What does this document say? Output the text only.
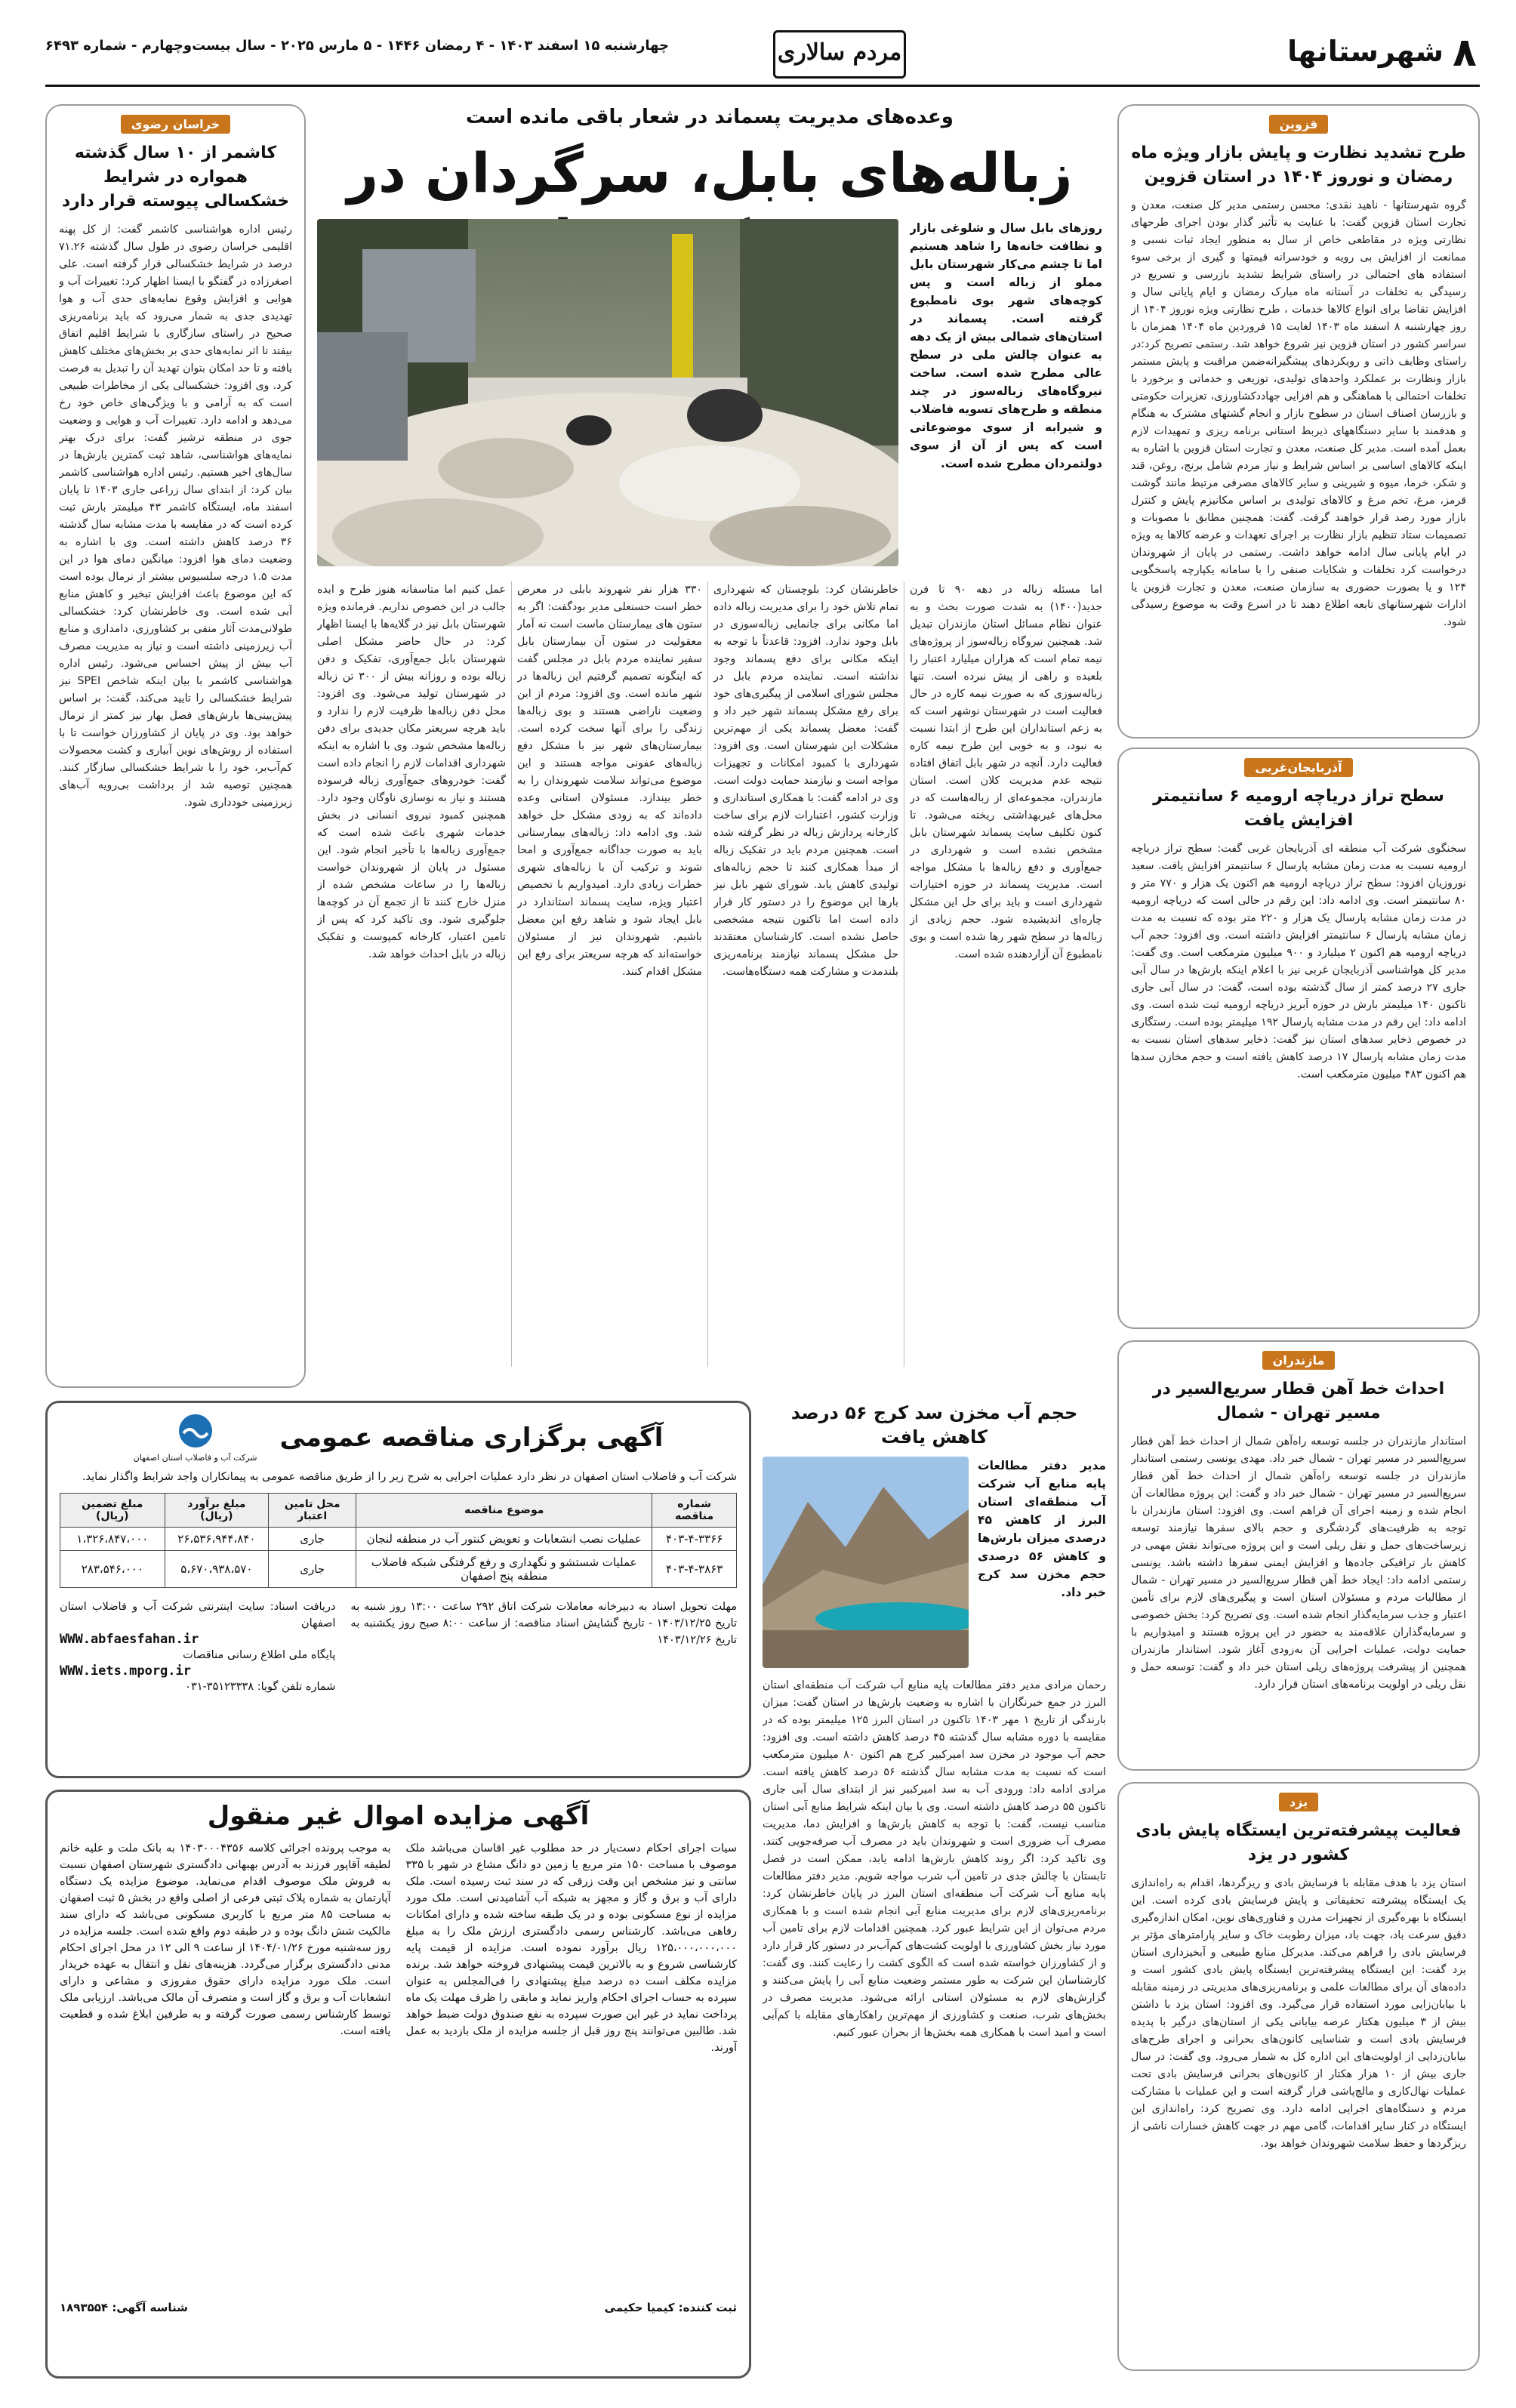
۸
شهرستانها
مردم سالاری
چهارشنبه ۱۵ اسفند ۱۴۰۳ - ۴ رمضان ۱۴۴۶ - ۵ مارس ۲۰۲۵ - سال بیست‌وچهارم - شماره ۶۴۹۳
قزوین
طرح تشدید نظارت و پایش بازار ویژه ماه رمضان و نوروز ۱۴۰۴ در استان قزوین
گروه شهرستانها - ناهید نقدی: محسن رستمی مدیر کل صنعت، معدن و تجارت استان قزوین گفت: با عنایت به تأثیر گذار بودن اجرای طرحهای نظارتی ویژه در مقاطعی خاص از سال به منظور ایجاد ثبات نسبی و ممانعت از افزایش بی رویه و خودسرانه قیمتها و گیری از برخی سوء استفاده های احتمالی در راستای شرایط تشدید بازرسی و تسریع در رسیدگی به تخلفات در آستانه ماه مبارک رمضان و ایام پایانی سال و افزایش تقاضا برای انواع کالاها خدمات ، طرح نظارتی ویژه نوروز ۱۴۰۴ از روز چهارشنبه ۸ اسفند ماه ۱۴۰۳ لغایت ۱۵ فروردین ماه ۱۴۰۴ همزمان با سراسر کشور در استان قزوین نیز شروع خواهد شد. رستمی تصریح کرد:در راستای وظایف ذاتی و رویکردهای پیشگیرانه‌ضمن مراقبت و پایش مستمر بازار ونظارت بر عملکرد واحدهای تولیدی، توزیعی و خدماتی و برخورد با تخلفات احتمالی با هماهنگی و هم افزایی جهاددکشاورزی، تعزیرات حکومتی و بازرسان اصناف استان در سطوح بازار و انجام گشتهای مشترک به هنگام و هدفمند با سایر دستگاههای ذیربط استانی برنامه ریزی و تمهیدات لازم بعمل آمده است. مدیر کل صنعت، معدن و تجارت استان قزوین با اشاره به اینکه کالاهای اساسی بر اساس شرایط و نیاز مردم شامل برنج، روغن، قند و شکر، خرما، میوه و شیرینی و سایر کالاهای مصرفی مرتبط مانند گوشت قرمز، مرغ، تخم مرغ و کالاهای تولیدی بر اساس مکانیزم پایش و کنترل بازار مورد رصد قرار خواهند گرفت. گفت: همچنین مطابق با مصوبات و تصمیمات ستاد تنظیم بازار نظارت بر اجرای تعهدات و عرضه کالاها به ویژه در ایام پایانی سال ادامه خواهد داشت. رستمی در پایان از شهروندان درخواست کرد تخلفات و شکایات صنفی را با سامانه یکپارچه پاسخگویی ۱۲۴ و یا بصورت حضوری به سازمان صنعت، معدن و تجارت قزوین یا ادارات شهرستانهای تابعه اطلاع دهند تا در اسرع وقت به موضوع رسیدگی شود.
آذربایجان‌غربی
سطح تراز دریاچه ارومیه ۶ سانتیمتر افزایش یافت
سخنگوی شرکت آب منطقه ای آذربایجان غربی گفت: سطح تراز دریاچه ارومیه نسبت به مدت زمان مشابه پارسال ۶ سانتیمتر افزایش یافت. سعید نوروزیان افزود: سطح تراز دریاچه ارومیه هم اکنون یک هزار و ۷۷۰ متر و ۸۰ سانتیمتر است. وی ادامه داد: این رقم در حالی است که دریاچه ارومیه در مدت زمان مشابه پارسال یک هزار و ۲۲۰ متر بوده که نسبت به مدت زمان مشابه پارسال ۶ سانتیمتر افزایش داشته است. وی افزود: حجم آب دریاچه ارومیه هم اکنون ۲ میلیارد و ۹۰۰ میلیون مترمکعب است. وی گفت: مدیر کل هواشناسی آذربایجان غربی نیز با اعلام اینکه بارش‌ها در سال آبی جاری ۲۷ درصد کمتر از سال گذشته بوده است، گفت: در سال آبی جاری تاکنون ۱۴۰ میلیمتر بارش در حوزه آبریز دریاچه ارومیه ثبت شده است. وی ادامه داد: این رقم در مدت مشابه پارسال ۱۹۲ میلیمتر بوده است. رستگاری در خصوص ذخایر سدهای استان نیز گفت: ذخایر سدهای استان نسبت به مدت زمان مشابه پارسال ۱۷ درصد کاهش یافته است و حجم مخازن سدها هم اکنون ۴۸۳ میلیون مترمکعب است.
مازندران
احداث خط آهن قطار سریع‌السیر در مسیر تهران - شمال
استاندار مازندران در جلسه توسعه راه‌آهن شمال از احداث خط آهن قطار سریع‌السیر در مسیر تهران - شمال خبر داد. مهدی یونسی رستمی استاندار مازندران در جلسه توسعه راه‌آهن شمال از احداث خط آهن قطار سریع‌السیر در مسیر تهران - شمال خبر داد و گفت: این پروژه مطالعات آن انجام شده و زمینه اجرای آن فراهم است. وی افزود: استان مازندران با توجه به ظرفیت‌های گردشگری و حجم بالای سفرها نیازمند توسعه زیرساخت‌های حمل و نقل ریلی است و این پروژه می‌تواند نقش مهمی در کاهش بار ترافیکی جاده‌ها و افزایش ایمنی سفرها داشته باشد. یونسی رستمی ادامه داد: ایجاد خط آهن قطار سریع‌السیر در مسیر تهران - شمال از مطالبات مردم و مسئولان استان است و پیگیری‌های لازم برای تأمین اعتبار و جذب سرمایه‌گذار انجام شده است. وی تصریح کرد: بخش خصوصی و سرمایه‌گذاران علاقه‌مند به حضور در این پروژه هستند و امیدواریم با حمایت دولت، عملیات اجرایی آن به‌زودی آغاز شود. استاندار مازندران همچنین از پیشرفت پروژه‌های ریلی استان خبر داد و گفت: توسعه حمل و نقل ریلی در اولویت برنامه‌های استان قرار دارد.
یزد
فعالیت پیشرفته‌ترین ایستگاه پایش بادی کشور در یزد
استان یزد با هدف مقابله با فرسایش بادی و ریزگردها، اقدام به راه‌اندازی یک ایستگاه پیشرفته تحقیقاتی و پایش فرسایش بادی کرده است. این ایستگاه با بهره‌گیری از تجهیزات مدرن و فناوری‌های نوین، امکان اندازه‌گیری دقیق سرعت باد، جهت باد، میزان رطوبت خاک و سایر پارامترهای مؤثر بر فرسایش بادی را فراهم می‌کند. مدیرکل منابع طبیعی و آبخیزداری استان یزد گفت: این ایستگاه پیشرفته‌ترین ایستگاه پایش بادی کشور است و داده‌های آن برای مطالعات علمی و برنامه‌ریزی‌های مدیریتی در زمینه مقابله با بیابان‌زایی مورد استفاده قرار می‌گیرد. وی افزود: استان یزد با داشتن بیش از ۳ میلیون هکتار عرصه بیابانی یکی از استان‌های درگیر با پدیده فرسایش بادی است و شناسایی کانون‌های بحرانی و اجرای طرح‌های بیابان‌زدایی از اولویت‌های این اداره کل به شمار می‌رود. وی گفت: در سال جاری بیش از ۱۰ هزار هکتار از کانون‌های بحرانی فرسایش بادی تحت عملیات نهال‌کاری و مالچ‌پاشی قرار گرفته است و این عملیات با مشارکت مردم و دستگاه‌های اجرایی ادامه دارد. وی تصریح کرد: راه‌اندازی این ایستگاه در کنار سایر اقدامات، گامی مهم در جهت کاهش خسارات ناشی از ریزگردها و حفظ سلامت شهروندان خواهد بود.
وعده‌های مدیریت پسماند در شعار باقی مانده است
زباله‌های بابل، سرگردان در
روزهای بابل سال و شلوغی بازار و نظافت خانه‌ها را شاهد هستیم اما تا چشم می‌کار شهرستان بابل مملو از زباله است و پس کوچه‌های شهر بوی نامطبوع گرفته است. پسماند در استان‌های شمالی بیش از یک دهه به عنوان چالش ملی در سطح عالی مطرح شده است. ساخت نیروگاه‌های زباله‌سوز در چند منطقه و طرح‌های تسویه فاضلاب و شیرابه از سوی موضوعاتی است که پس از آن از سوی دولتمردان مطرح شده است.
اما مسئله زباله در دهه ۹۰ تا فرن جدید(۱۴۰۰) به شدت صورت بحث و به عنوان نظام مسائل استان مازندران تبدیل شد. همچنین نیروگاه زباله‌سوز از پروژه‌های نیمه تمام است که هزاران میلیارد اعتبار را بلعیده و راهی از پیش نبرده است. تنها زباله‌سوزی که به صورت نیمه کاره در حال فعالیت است در شهرستان نوشهر است که به زعم استانداران این طرح از ابتدا نسبت به نبود، و به خوبی این طرح نیمه کاره فعالیت دارد. آنچه در شهر بابل اتفاق افتاده نتیجه عدم مدیریت کلان است. استان مازندران، مجموعه‌ای از زباله‌هاست که در محل‌های غیربهداشتی ریخته می‌شود. تا کنون تکلیف سایت پسماند شهرستان بابل مشخص نشده است و شهرداری در جمع‌آوری و دفع زباله‌ها با مشکل مواجه است. مدیریت پسماند در حوزه اختیارات شهرداری است و باید برای حل این مشکل چاره‌ای اندیشیده شود. حجم زیادی از زباله‌ها در سطح شهر رها شده است و بوی نامطبوع آن آزاردهنده شده است.
خاطرنشان کرد: بلوچستان که شهرداری تمام تلاش خود را برای مدیریت زباله داده اما مکانی برای جانمایی زباله‌سوزی در بابل وجود ندارد. افزود: قاعدتاً با توجه به اینکه مکانی برای دفع پسماند وجود نداشته است. نماینده مردم بابل در مجلس شورای اسلامی از پیگیری‌های خود برای رفع مشکل پسماند شهر خبر داد و گفت: معضل پسماند یکی از مهم‌ترین مشکلات این شهرستان است. وی افزود: شهرداری با کمبود امکانات و تجهیزات مواجه است و نیازمند حمایت دولت است. وی در ادامه گفت: با همکاری استانداری و وزارت کشور، اعتبارات لازم برای ساخت کارخانه پردازش زباله در نظر گرفته شده است. همچنین مردم باید در تفکیک زباله از مبدأ همکاری کنند تا حجم زباله‌های تولیدی کاهش یابد. شورای شهر بابل نیز بارها این موضوع را در دستور کار قرار داده است اما تاکنون نتیجه مشخصی حاصل نشده است. کارشناسان معتقدند حل مشکل پسماند نیازمند برنامه‌ریزی بلندمدت و مشارکت همه دستگاه‌هاست.
۳۳۰ هزار نفر شهروند بابلی در معرض خطر است حسنعلی مدیر بودگفت: اگر به ستون های بیمارستان ماست است نه آمار معقولیت در ستون آن بیمارستان بابل سفیر نماینده مردم بابل در مجلس گفت که اینگونه تصمیم گرفتیم این زباله‌ها در شهر مانده است. وی افزود: مردم از این وضعیت ناراضی هستند و بوی زباله‌ها زندگی را برای آنها سخت کرده است. بیمارستان‌های شهر نیز با مشکل دفع زباله‌های عفونی مواجه هستند و این موضوع می‌تواند سلامت شهروندان را به خطر بیندازد. مسئولان استانی وعده داده‌اند که به زودی مشکل حل خواهد شد. وی ادامه داد: زباله‌های بیمارستانی باید به صورت جداگانه جمع‌آوری و امحا شوند و ترکیب آن با زباله‌های شهری خطرات زیادی دارد. امیدواریم با تخصیص اعتبار ویژه، سایت پسماند استاندارد در بابل ایجاد شود و شاهد رفع این معضل باشیم. شهروندان نیز از مسئولان خواسته‌اند که هرچه سریعتر برای رفع این مشکل اقدام کنند.
عمل کنیم اما متاسفانه هنوز طرح و ایده جالب در این خصوص نداریم. فرمانده ویژه شهرستان بابل نیز در گلایه‌ها با ایسنا اظهار کرد: در حال حاضر مشکل اصلی شهرستان بابل جمع‌آوری، تفکیک و دفن زباله بوده و روزانه بیش از ۳۰۰ تن زباله در شهرستان تولید می‌شود. وی افزود: محل دفن زباله‌ها ظرفیت لازم را ندارد و باید هرچه سریعتر مکان جدیدی برای دفن زباله‌ها مشخص شود. وی با اشاره به اینکه شهرداری اقدامات لازم را انجام داده است گفت: خودروهای جمع‌آوری زباله فرسوده هستند و نیاز به نوسازی ناوگان وجود دارد. همچنین کمبود نیروی انسانی در بخش خدمات شهری باعث شده است که جمع‌آوری زباله‌ها با تأخیر انجام شود. این مسئول در پایان از شهروندان خواست زباله‌ها را در ساعات مشخص شده از منزل خارج کنند تا از تجمع آن در کوچه‌ها جلوگیری شود. وی تاکید کرد که پس از تامین اعتبار، کارخانه کمپوست و تفکیک زباله در بابل احداث خواهد شد.
خراسان رضوی
کاشمر از ۱۰ سال گذشته همواره در شرایط خشکسالی پیوسته قرار دارد
رئیس اداره هواشناسی کاشمر گفت: از کل پهنه اقلیمی خراسان رضوی در طول سال گذشته ۷۱.۲۶ درصد در شرایط خشکسالی قرار گرفته است. علی اصغرزاده در گفتگو با ایسنا اظهار کرد: تغییرات آب و هوایی و افزایش وقوع نمایه‌های حدی آب و هوا تهدیدی جدی به شمار می‌رود که باید برنامه‌ریزی صحیح در راستای سازگاری با شرایط اقلیم اتفاق بیفتد تا اثر نمایه‌های حدی بر بخش‌های مختلف کاهش یافته و تا حد امکان بتوان تهدید آن را تبدیل به فرصت کرد. وی افزود: خشکسالی یکی از مخاطرات طبیعی است که به آرامی و با ویژگی‌های خاص خود رخ می‌دهد و ادامه دارد. تغییرات آب و هوایی و وضعیت جوی در منطقه ترشیز گفت: برای درک بهتر نمایه‌های هواشناسی، شاهد ثبت کمترین بارش‌ها در سال‌های اخیر هستیم. رئیس اداره هواشناسی کاشمر بیان کرد: از ابتدای سال زراعی جاری ۱۴۰۳ تا پایان اسفند ماه، ایستگاه کاشمر ۴۳ میلیمتر بارش ثبت کرده است که در مقایسه با مدت مشابه سال گذشته ۳۶ درصد کاهش داشته است. وی با اشاره به وضعیت دمای هوا افزود: میانگین دمای هوا در این مدت ۱.۵ درجه سلسیوس بیشتر از نرمال بوده است که این موضوع باعث افزایش تبخیر و کاهش منابع آبی شده است. وی خاطرنشان کرد: خشکسالی طولانی‌مدت آثار منفی بر کشاورزی، دامداری و منابع آب زیرزمینی داشته است و نیاز به مدیریت مصرف آب بیش از پیش احساس می‌شود. رئیس اداره هواشناسی کاشمر با بیان اینکه شاخص SPEI نیز شرایط خشکسالی را تایید می‌کند، گفت: بر اساس پیش‌بینی‌ها بارش‌های فصل بهار نیز کمتر از نرمال خواهد بود. وی در پایان از کشاورزان خواست تا با استفاده از روش‌های نوین آبیاری و کشت محصولات کم‌آب‌بر، خود را با شرایط خشکسالی سازگار کنند. همچنین توصیه شد از برداشت بی‌رویه آب‌های زیرزمینی خودداری شود.
آگهی برگزاری مناقصه عمومی
شرکت آب و فاضلاب استان اصفهان
شرکت آب و فاضلاب استان اصفهان در نظر دارد عملیات اجرایی به شرح زیر را از طریق مناقصه عمومی به پیمانکاران واجد شرایط واگذار نماید.
شماره مناقصه	موضوع مناقصه	محل تامین اعتبار	مبلغ برآورد (ریال)	مبلغ تضمین (ریال)
۴۰۳-۴-۳۳۶۶	عملیات نصب انشعابات و تعویض کنتور آب در منطقه لنجان	جاری	۲۶،۵۳۶،۹۴۴،۸۴۰	۱،۳۲۶،۸۴۷،۰۰۰
۴۰۳-۴-۳۸۶۳	عملیات شستشو و نگهداری و رفع گرفتگی شبکه فاضلاب منطقه پنج اصفهان	جاری	۵،۶۷۰،۹۳۸،۵۷۰	۲۸۳،۵۴۶،۰۰۰
مهلت تحویل اسناد به دبیرخانه معاملات شرکت اتاق ۲۹۲ ساعت ۱۳:۰۰ روز شنبه به تاریخ ۱۴۰۳/۱۲/۲۵ - تاریخ گشایش اسناد مناقصه: از ساعت ۸:۰۰ صبح روز یکشنبه به تاریخ ۱۴۰۳/۱۲/۲۶
دریافت اسناد: سایت اینترنتی شرکت آب و فاضلاب استان اصفهان
WWW.abfaesfahan.ir
پایگاه ملی اطلاع رسانی مناقصات
WWW.iets.mporg.ir
شماره تلفن گویا: ۳۵۱۲۳۳۳۸-۰۳۱
حجم آب مخزن سد کرج ۵۶ درصد کاهش یافت
مدیر دفتر مطالعات پایه منابع آب شرکت آب منطقه‌ای استان البرز از کاهش ۴۵ درصدی میزان بارش‌ها و کاهش ۵۶ درصدی حجم مخزن سد کرج خبر داد.
رحمان مرادی مدیر دفتر مطالعات پایه منابع آب شرکت آب منطقه‌ای استان البرز در جمع خبرنگاران با اشاره به وضعیت بارش‌ها در استان گفت: میزان بارندگی از تاریخ ۱ مهر ۱۴۰۳ تاکنون در استان البرز ۱۲۵ میلیمتر بوده که در مقایسه با دوره مشابه سال گذشته ۴۵ درصد کاهش داشته است. وی افزود: حجم آب موجود در مخزن سد امیرکبیر کرج هم اکنون ۸۰ میلیون مترمکعب است که نسبت به مدت مشابه سال گذشته ۵۶ درصد کاهش یافته است. مرادی ادامه داد: ورودی آب به سد امیرکبیر نیز از ابتدای سال آبی جاری تاکنون ۵۵ درصد کاهش داشته است. وی با بیان اینکه شرایط منابع آبی استان مناسب نیست، گفت: با توجه به کاهش بارش‌ها و افزایش دما، مدیریت مصرف آب ضروری است و شهروندان باید در مصرف آب صرفه‌جویی کنند. وی تاکید کرد: اگر روند کاهش بارش‌ها ادامه یابد، ممکن است در فصل تابستان با چالش جدی در تامین آب شرب مواجه شویم. مدیر دفتر مطالعات پایه منابع آب شرکت آب منطقه‌ای استان البرز در پایان خاطرنشان کرد: برنامه‌ریزی‌های لازم برای مدیریت منابع آبی انجام شده است و با همکاری مردم می‌توان از این شرایط عبور کرد. همچنین اقدامات لازم برای تامین آب مورد نیاز بخش کشاورزی با اولویت کشت‌های کم‌آب‌بر در دستور کار قرار دارد و از کشاورزان خواسته شده است که الگوی کشت را رعایت کنند. وی گفت: کارشناسان این شرکت به طور مستمر وضعیت منابع آبی را پایش می‌کنند و گزارش‌های لازم به مسئولان استانی ارائه می‌شود. مدیریت مصرف در بخش‌های شرب، صنعت و کشاورزی از مهم‌ترین راهکارهای مقابله با کم‌آبی است و امید است با همکاری همه بخش‌ها از بحران عبور کنیم.
آگهی مزایده اموال غیر منقول
سیات اجرای احکام دست‌یار در حد مطلوب غیر اقاسان می‌باشد ملک موصوف با مساحت ۱۵۰ متر مربع یا زمین دو دانگ مشاع در شهر با ۳۳۵ سانتی و نیز مشخص این وقت زرقی که در سند ثبت رسیده است. ملک دارای آب و برق و گاز و مجهز به شبکه آب آشامیدنی است. ملک مورد مزایده از نوع مسکونی بوده و در یک طبقه ساخته شده و دارای امکانات رفاهی می‌باشد. کارشناس رسمی دادگستری ارزش ملک را به مبلغ ۱۲۵،۰۰۰،۰۰۰،۰۰۰ ریال برآورد نموده است. مزایده از قیمت پایه کارشناسی شروع و به بالاترین قیمت پیشنهادی فروخته خواهد شد. برنده مزایده مکلف است ده درصد مبلغ پیشنهادی را فی‌المجلس به عنوان سپرده به حساب اجرای احکام واریز نماید و مابقی را ظرف مهلت یک ماه پرداخت نماید در غیر این صورت سپرده به نفع صندوق دولت ضبط خواهد شد. طالبین می‌توانند پنج روز قبل از جلسه مزایده از ملک بازدید به عمل آورند.
به موجب پرونده اجرائی کلاسه ۱۴۰۳۰۰۰۴۳۵۶ به بانک ملت و علیه خانم لطیفه آقاپور فرزند به آدرس بهبهانی دادگستری شهرستان اصفهان نسبت به فروش ملک موصوف اقدام می‌نماید. موضوع مزایده یک دستگاه آپارتمان به شماره پلاک ثبتی فرعی از اصلی واقع در بخش ۵ ثبت اصفهان به مساحت ۸۵ متر مربع با کاربری مسکونی می‌باشد که دارای سند مالکیت شش دانگ بوده و در طبقه دوم واقع شده است. جلسه مزایده در روز سه‌شنبه مورخ ۱۴۰۴/۰۱/۲۶ از ساعت ۹ الی ۱۲ در محل اجرای احکام مدنی دادگستری برگزار می‌گردد. هزینه‌های نقل و انتقال به عهده خریدار است. ملک مورد مزایده دارای حقوق مفروزی و مشاعی و دارای انشعابات آب و برق و گاز است و متصرف آن مالک می‌باشد. ارزیابی ملک توسط کارشناس رسمی صورت گرفته و به طرفین ابلاغ شده و قطعیت یافته است.
ثبت کننده: کیمیا حکیمی
شناسه آگهی: ۱۸۹۳۵۵۴
